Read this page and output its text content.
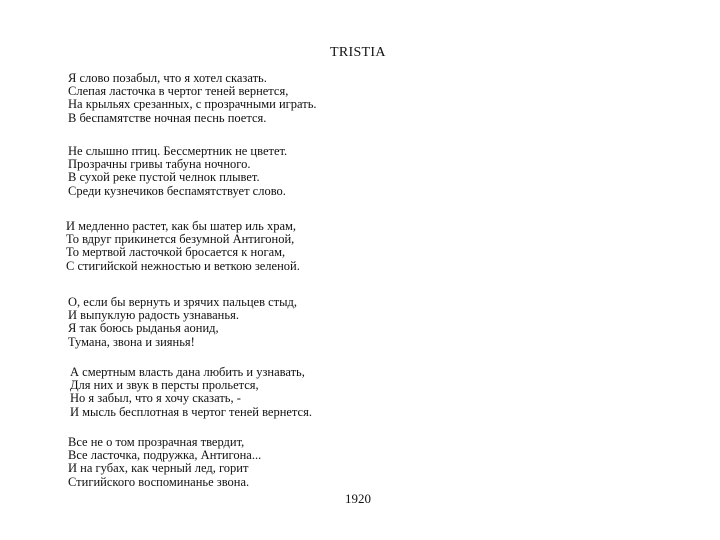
TRISTIA
Я слово позабыл, что я хотел сказать.
Слепая ласточка в чертог теней вернется,
На крыльях срезанных, с прозрачными играть.
В беспамятстве ночная песнь поется.
Не слышно птиц. Бессмертник не цветет.
Прозрачны гривы табуна ночного.
В сухой реке пустой челнок плывет.
Среди кузнечиков беспамятствует слово.
И медленно растет, как бы шатер иль храм,
То вдруг прикинется безумной Антигоной,
То мертвой ласточкой бросается к ногам,
С стигийской нежностью и веткою зеленой.
О, если бы вернуть и зрячих пальцев стыд,
И выпуклую радость узнаванья.
Я так боюсь рыданья аонид,
Тумана, звона и зиянья!
А смертным власть дана любить и узнавать,
Для них и звук в персты прольется,
Но я забыл, что я хочу сказать, -
И мысль бесплотная в чертог теней вернется.
Все не о том прозрачная твердит,
Все ласточка, подружка, Антигона...
И на губах, как черный лед, горит
Стигийского воспоминанье звона.
1920
